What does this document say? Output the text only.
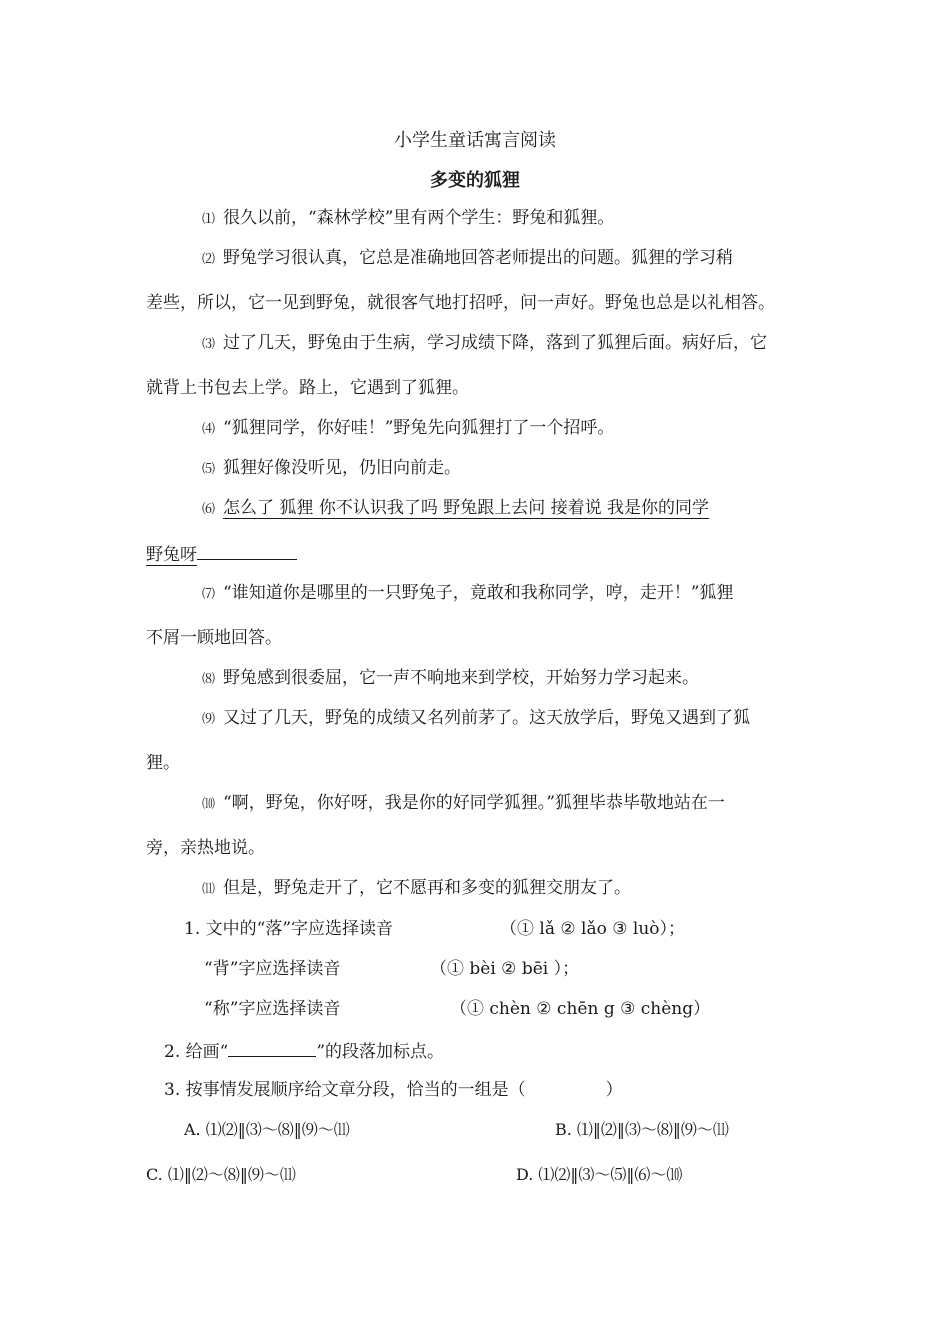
小学生童话寓言阅读
多变的狐狸
⑴ 很久以前，“森林学校”里有两个学生：野兔和狐狸。
⑵ 野兔学习很认真，它总是准确地回答老师提出的问题。狐狸的学习稍
差些，所以，它一见到野兔，就很客气地打招呼，问一声好。野兔也总是以礼相答。
⑶ 过了几天，野兔由于生病，学习成绩下降，落到了狐狸后面。病好后，它
就背上书包去上学。路上，它遇到了狐狸。
⑷ “狐狸同学，你好哇！”野兔先向狐狸打了一个招呼。
⑸ 狐狸好像没听见，仍旧向前走。
⑹ 怎么了 狐狸 你不认识我了吗 野兔跟上去问 接着说 我是你的同学
野兔呀
⑺ “谁知道你是哪里的一只野兔子，竟敢和我称同学，哼，走开！”狐狸
不屑一顾地回答。
⑻ 野兔感到很委屈，它一声不响地来到学校，开始努力学习起来。
⑼ 又过了几天，野兔的成绩又名列前茅了。这天放学后，野兔又遇到了狐
狸。
⑽ “啊，野兔，你好呀，我是你的好同学狐狸。”狐狸毕恭毕敬地站在一
旁，亲热地说。
⑾ 但是，野兔走开了，它不愿再和多变的狐狸交朋友了。
1. 文中的“落”字应选择读音	（① lǎ ② lǎo ③ luò）；
“背”字应选择读音	（① bèi ② bēi ）；
“称”字应选择读音	（① chèn ② chēn g ③ chèng）
2. 给画“	”的段落加标点。
3. 按事情发展顺序给文章分段，恰当的一组是（	）
A. ⑴⑵‖⑶～⑻‖⑼～⑾	B. ⑴‖⑵‖⑶～⑻‖⑼～⑾
C. ⑴‖⑵～⑻‖⑼～⑾	D. ⑴⑵‖⑶～⑸‖⑹～⑽
